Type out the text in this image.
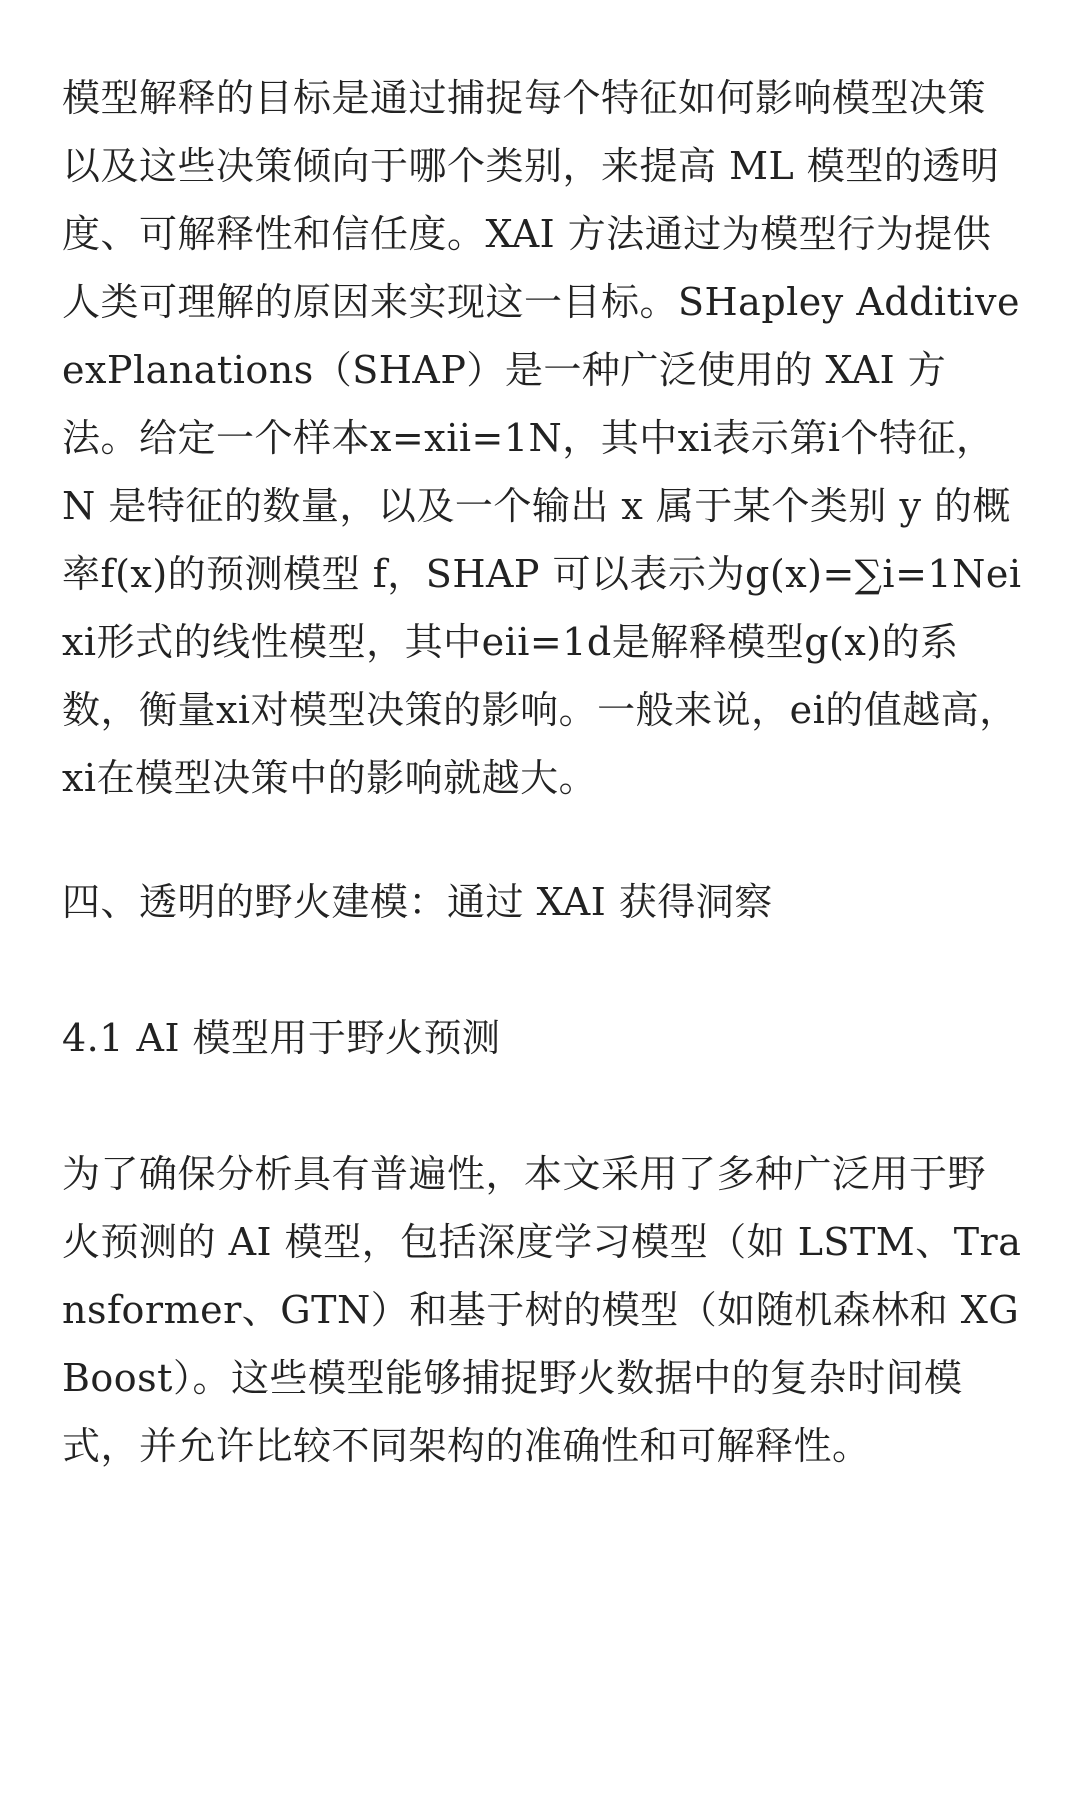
模型解释的目标是通过捕捉每个特征如何影响模型决策以及这些决策倾向于哪个类别，来提高 ML 模型的透明度、可解释性和信任度。XAI 方法通过为模型行为提供人类可理解的原因来实现这一目标。SHapley Additive exPlanations（SHAP）是一种广泛使用的 XAI 方法。给定一个样本x=xii=1N，其中xi表示第i个特征，N 是特征的数量，以及一个输出 x 属于某个类别 y 的概率f(x)的预测模型 f，SHAP 可以表示为g(x)=∑i=1Neixi形式的线性模型，其中eii=1d是解释模型g(x)的系数，衡量xi对模型决策的影响。一般来说，ei的值越高，xi在模型决策中的影响就越大。

四、透明的野火建模：通过 XAI 获得洞察

4.1 AI 模型用于野火预测

为了确保分析具有普遍性，本文采用了多种广泛用于野火预测的 AI 模型，包括深度学习模型（如 LSTM、Transformer、GTN）和基于树的模型（如随机森林和 XGBoost）。这些模型能够捕捉野火数据中的复杂时间模式，并允许比较不同架构的准确性和可解释性。
